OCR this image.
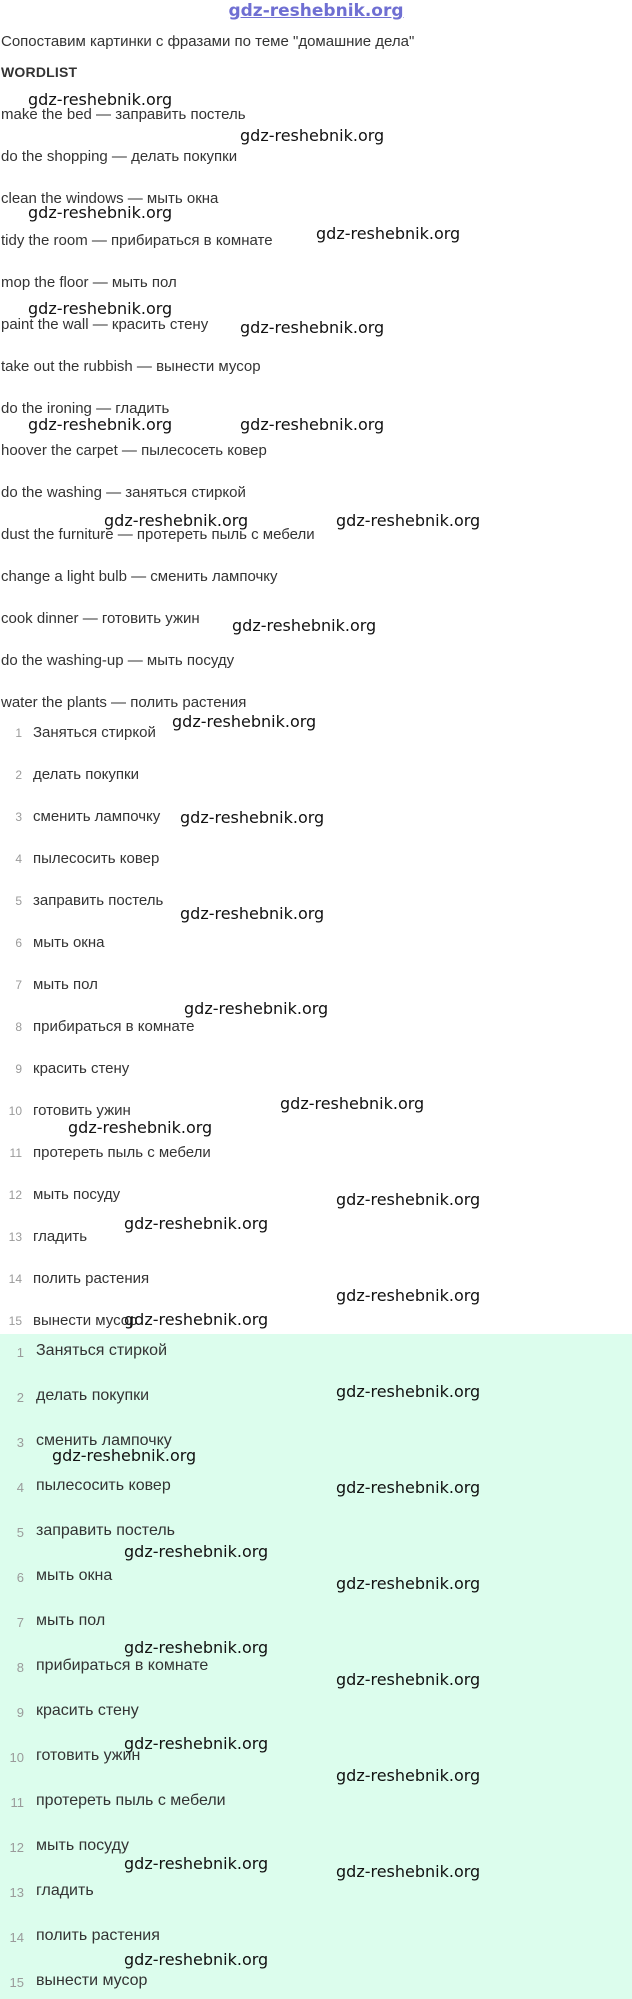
gdz-reshebnik.org
Сопоставим картинки с фразами по теме "домашние дела"
WORDLIST
make the bed — заправить постель
do the shopping — делать покупки
clean the windows — мыть окна
tidy the room — прибираться в комнате
mop the floor — мыть пол
paint the wall — красить стену
take out the rubbish — вынести мусор
do the ironing — гладить
hoover the carpet — пылесосеть ковер
do the washing — заняться стиркой
dust the furniture — протереть пыль с мебели
change a light bulb — сменить лампочку
cook dinner — готовить ужин
do the washing-up — мыть посуду
water the plants — полить растения
1 Заняться стиркой
2 делать покупки
3 сменить лампочку
4 пылесосить ковер
5 заправить постель
6 мыть окна
7 мыть пол
8 прибираться в комнате
9 красить стену
10 готовить ужин
11 протереть пыль с мебели
12 мыть посуду
13 гладить
14 полить растения
15 вынести мусор
1 Заняться стиркой
2 делать покупки
3 сменить лампочку
4 пылесосить ковер
5 заправить постель
6 мыть окна
7 мыть пол
8 прибираться в комнате
9 красить стену
10 готовить ужин
11 протереть пыль с мебели
12 мыть посуду
13 гладить
14 полить растения
15 вынести мусор
gdz-reshebnik.org
gdz-reshebnik.org
gdz-reshebnik.org
gdz-reshebnik.org
gdz-reshebnik.org
gdz-reshebnik.org
gdz-reshebnik.org	gdz-reshebnik.org
gdz-reshebnik.org	gdz-reshebnik.org
gdz-reshebnik.org
gdz-reshebnik.org
gdz-reshebnik.org
gdz-reshebnik.org
gdz-reshebnik.org
gdz-reshebnik.org
gdz-reshebnik.org
gdz-reshebnik.org
gdz-reshebnik.org
gdz-reshebnik.org
gdz-reshebnik.org
gdz-reshebnik.org
gdz-reshebnik.org
gdz-reshebnik.org
gdz-reshebnik.org
gdz-reshebnik.org
gdz-reshebnik.org
gdz-reshebnik.org
gdz-reshebnik.org
gdz-reshebnik.org
gdz-reshebnik.org	gdz-reshebnik.org
gdz-reshebnik.org
